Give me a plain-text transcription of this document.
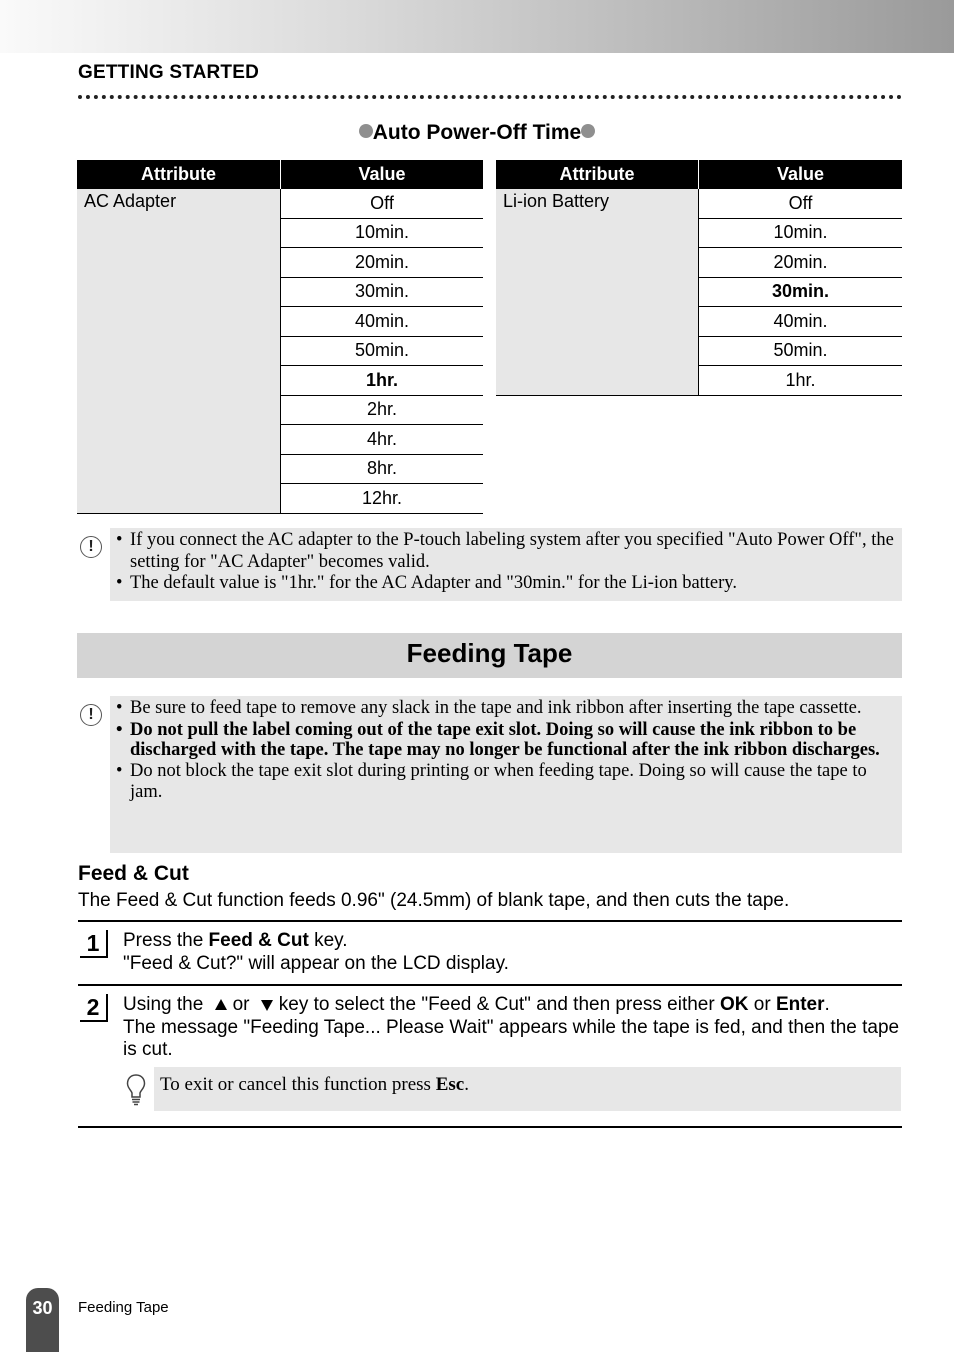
GETTING STARTED
Auto Power-Off Time
Attribute	Value
AC Adapter	Off
	10min.
	20min.
	30min.
	40min.
	50min.
	1hr.
	2hr.
	4hr.
	8hr.
	12hr.
Attribute	Value
Li-ion Battery	Off
	10min.
	20min.
	30min.
	40min.
	50min.
	1hr.
!	• If you connect the AC adapter to the P-touch labeling system after you specified "Auto Power Off", the setting for "AC Adapter" becomes valid.
• The default value is "1hr." for the AC Adapter and "30min." for the Li-ion battery.
Feeding Tape
!	• Be sure to feed tape to remove any slack in the tape and ink ribbon after inserting the tape cassette.
• Do not pull the label coming out of the tape exit slot. Doing so will cause the ink ribbon to be discharged with the tape. The tape may no longer be functional after the ink ribbon discharges.
• Do not block the tape exit slot during printing or when feeding tape. Doing so will cause the tape to jam.
Feed & Cut
The Feed & Cut function feeds 0.96" (24.5mm) of blank tape, and then cuts the tape.
1	Press the Feed & Cut key.
"Feed & Cut?" will appear on the LCD display.
2	Using the or key to select the "Feed & Cut" and then press either OK or Enter.
The message "Feeding Tape... Please Wait" appears while the tape is fed, and then the tape is cut.
To exit or cancel this function press Esc.
30	Feeding Tape
